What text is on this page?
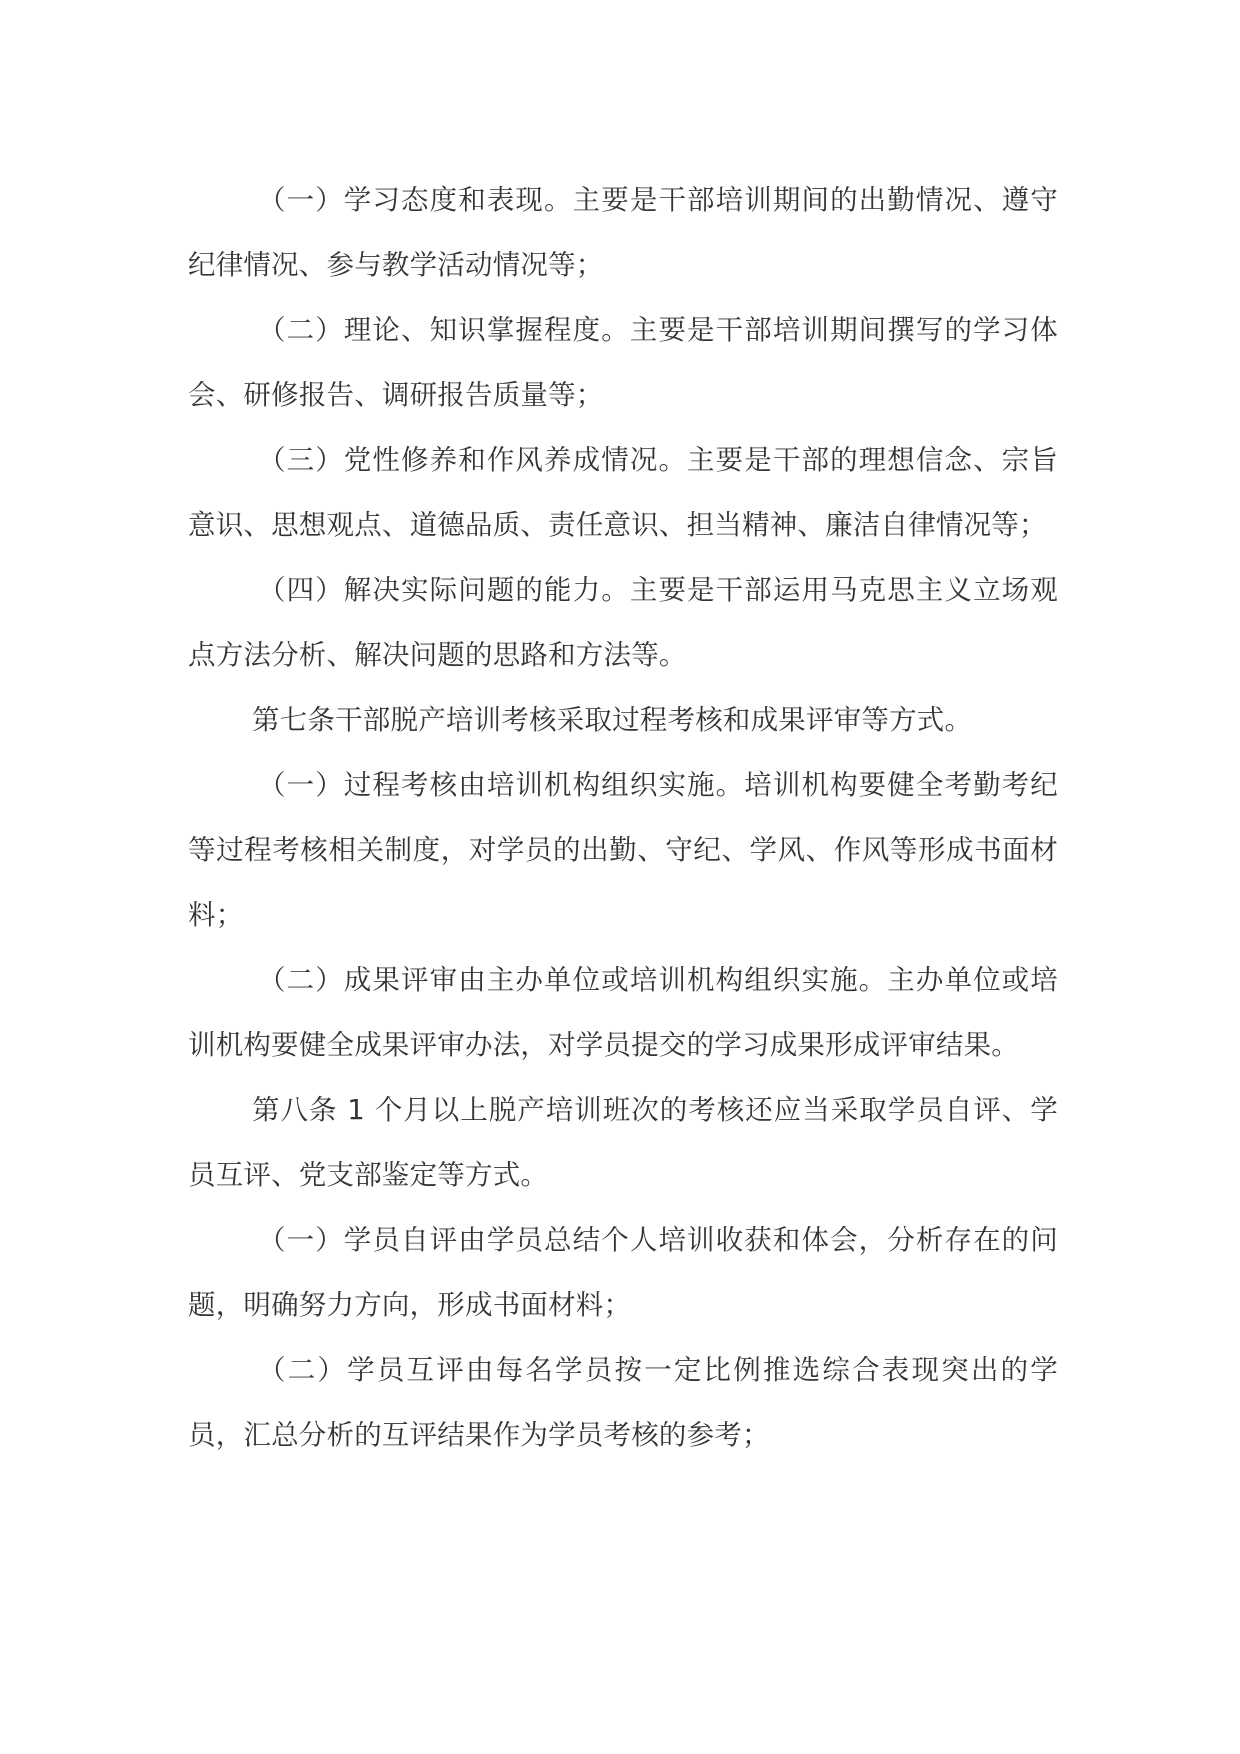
（一）学习态度和表现。主要是干部培训期间的出勤情况、遵守纪律情况、参与教学活动情况等；

（二）理论、知识掌握程度。主要是干部培训期间撰写的学习体会、研修报告、调研报告质量等；

（三）党性修养和作风养成情况。主要是干部的理想信念、宗旨意识、思想观点、道德品质、责任意识、担当精神、廉洁自律情况等；

（四）解决实际问题的能力。主要是干部运用马克思主义立场观点方法分析、解决问题的思路和方法等。

第七条干部脱产培训考核采取过程考核和成果评审等方式。

（一）过程考核由培训机构组织实施。培训机构要健全考勤考纪等过程考核相关制度，对学员的出勤、守纪、学风、作风等形成书面材料；

（二）成果评审由主办单位或培训机构组织实施。主办单位或培训机构要健全成果评审办法，对学员提交的学习成果形成评审结果。

第八条 1 个月以上脱产培训班次的考核还应当采取学员自评、学员互评、党支部鉴定等方式。

（一）学员自评由学员总结个人培训收获和体会，分析存在的问题，明确努力方向，形成书面材料；

（二）学员互评由每名学员按一定比例推选综合表现突出的学员，汇总分析的互评结果作为学员考核的参考；
